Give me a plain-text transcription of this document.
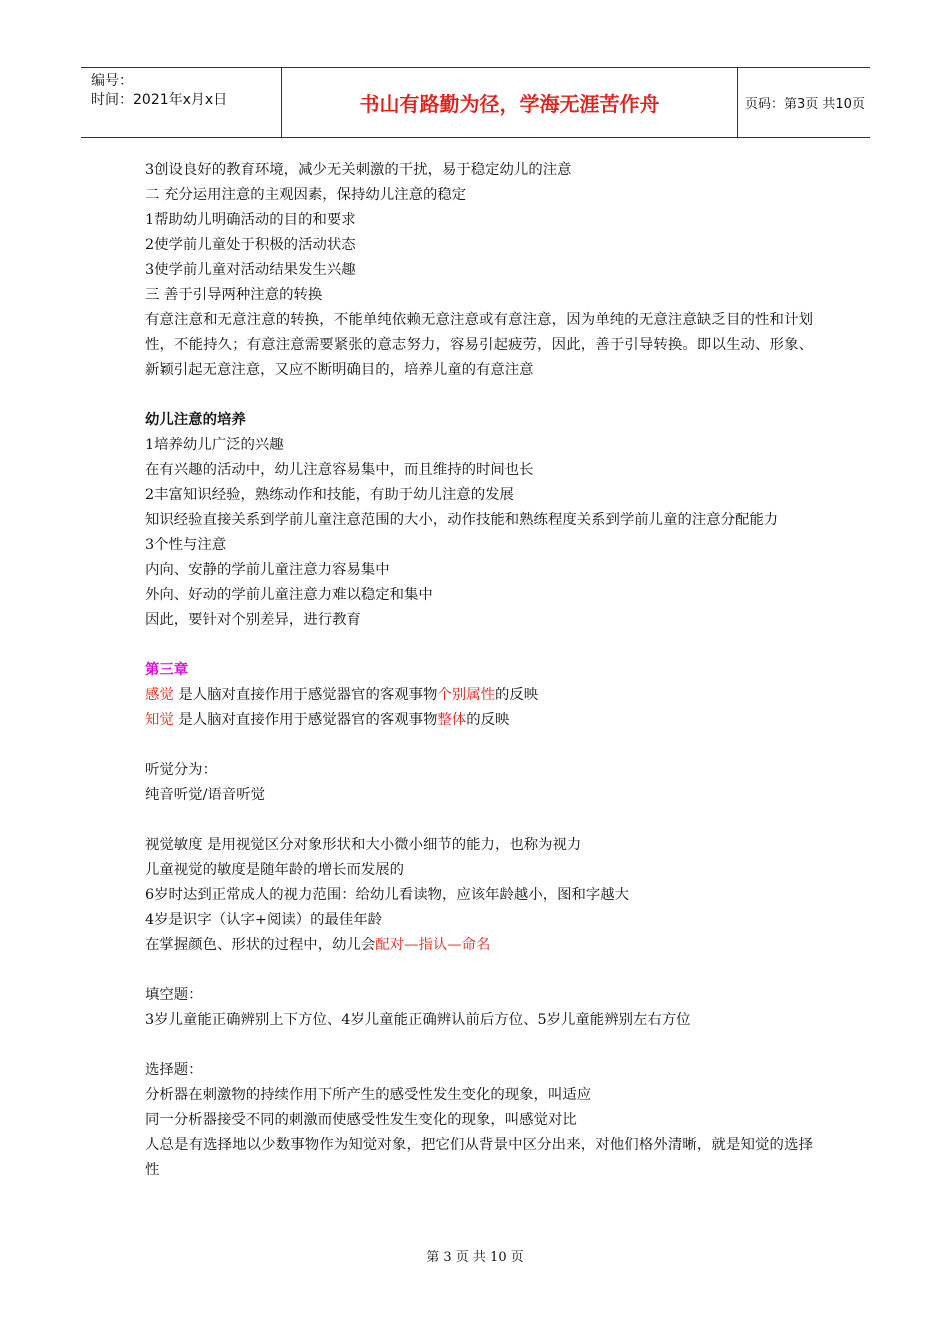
编号：
时间：2021年x月x日	书山有路勤为径，学海无涯苦作舟	页码：第3页 共10页
3创设良好的教育环境，减少无关刺激的干扰，易于稳定幼儿的注意
二 充分运用注意的主观因素，保持幼儿注意的稳定
1帮助幼儿明确活动的目的和要求
2使学前儿童处于积极的活动状态
3使学前儿童对活动结果发生兴趣
三 善于引导两种注意的转换
有意注意和无意注意的转换，不能单纯依赖无意注意或有意注意，因为单纯的无意注意缺乏目的性和计划性，不能持久；有意注意需要紧张的意志努力，容易引起疲劳，因此，善于引导转换。即以生动、形象、新颖引起无意注意，又应不断明确目的，培养儿童的有意注意
幼儿注意的培养
1培养幼儿广泛的兴趣
在有兴趣的活动中，幼儿注意容易集中，而且维持的时间也长
2丰富知识经验，熟练动作和技能，有助于幼儿注意的发展
知识经验直接关系到学前儿童注意范围的大小，动作技能和熟练程度关系到学前儿童的注意分配能力
3个性与注意
内向、安静的学前儿童注意力容易集中
外向、好动的学前儿童注意力难以稳定和集中
因此，要针对个别差异，进行教育
第三章
感觉 是人脑对直接作用于感觉器官的客观事物个别属性的反映
知觉 是人脑对直接作用于感觉器官的客观事物整体的反映
听觉分为：
纯音听觉/语音听觉
视觉敏度 是用视觉区分对象形状和大小微小细节的能力，也称为视力
儿童视觉的敏度是随年龄的增长而发展的
6岁时达到正常成人的视力范围：给幼儿看读物，应该年龄越小，图和字越大
4岁是识字（认字+阅读）的最佳年龄
在掌握颜色、形状的过程中，幼儿会配对—指认—命名
填空题：
3岁儿童能正确辨别上下方位、4岁儿童能正确辨认前后方位、5岁儿童能辨别左右方位
选择题：
分析器在刺激物的持续作用下所产生的感受性发生变化的现象，叫适应
同一分析器接受不同的刺激而使感受性发生变化的现象，叫感觉对比
人总是有选择地以少数事物作为知觉对象，把它们从背景中区分出来，对他们格外清晰，就是知觉的选择性
第 3 页 共 10 页
